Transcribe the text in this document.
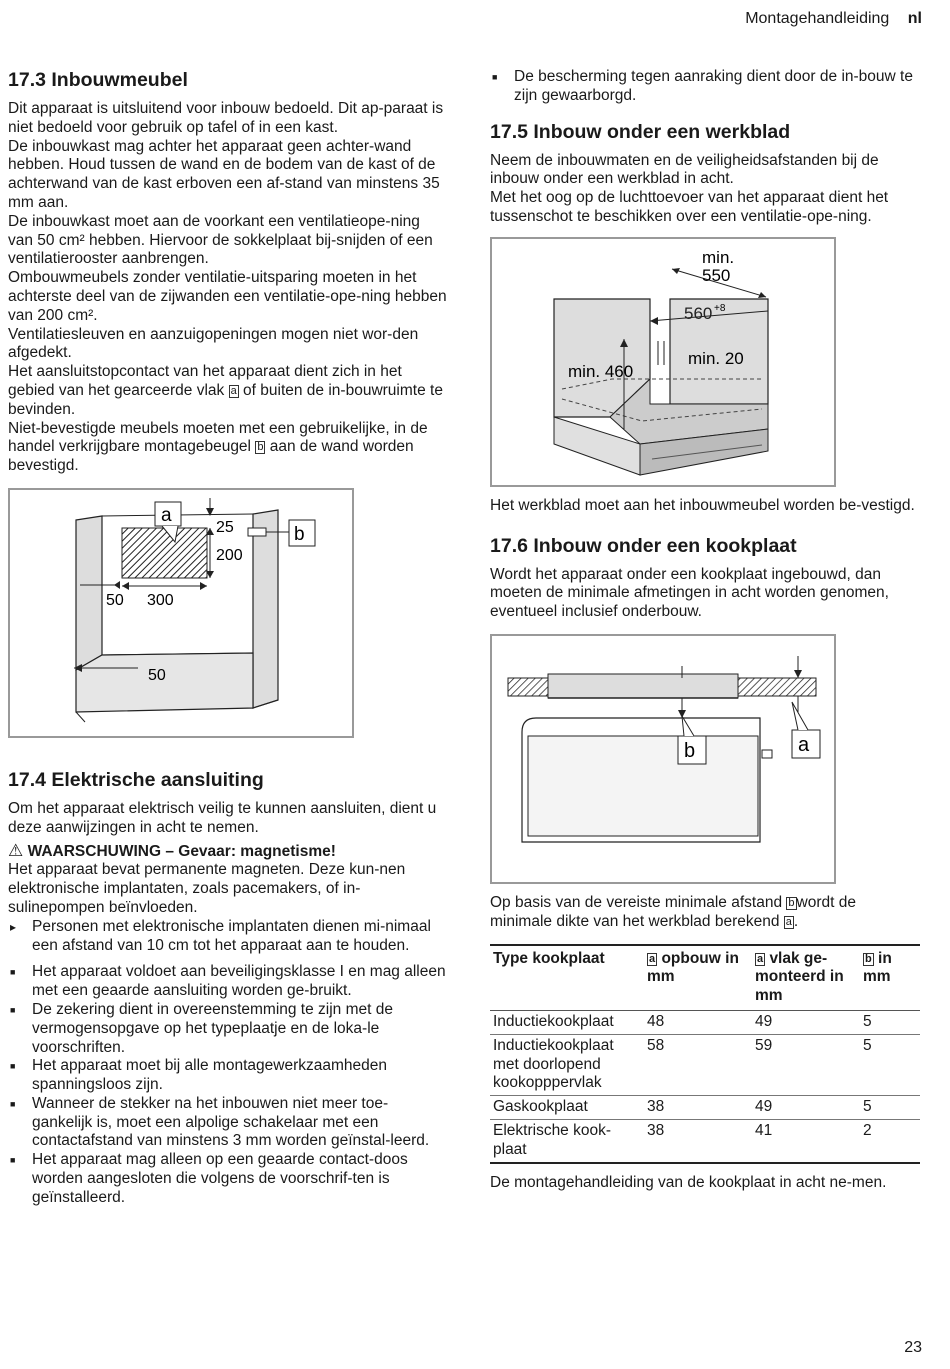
Montagehandleiding nl
17.3 Inbouwmeubel

Dit apparaat is uitsluitend voor inbouw bedoeld. Dit ap-paraat is niet bedoeld voor gebruik op tafel of in een kast.

De inbouwkast mag achter het apparaat geen achter-wand hebben. Houd tussen de wand en de bodem van de kast of de achterwand van de kast erboven een af-stand van minstens 35 mm aan.

De inbouwkast moet aan de voorkant een ventilatieope-ning van 50 cm² hebben. Hiervoor de sokkelplaat bij-snijden of een ventilatierooster aanbrengen.

Ombouwmeubels zonder ventilatie-uitsparing moeten in het achterste deel van de zijwanden een ventilatie-ope-ning hebben van 200 cm².

Ventilatiesleuven en aanzuigopeningen mogen niet wor-den afgedekt.

Het aansluitstopcontact van het apparaat dient zich in het gebied van het gearceerde vlak a of buiten de in-bouwruimte te bevinden.

Niet-bevestigde meubels moeten met een gebruikelijke, in de handel verkrijgbare montagebeugel b aan de wand worden bevestigd.

a
25
200
b
50 300
50
17.4 Elektrische aansluiting

Om het apparaat elektrisch veilig te kunnen aansluiten, dient u deze aanwijzingen in acht te nemen.

⚠ WAARSCHUWING – Gevaar: magnetisme!

Het apparaat bevat permanente magneten. Deze kun-nen elektronische implantaten, zoals pacemakers, of in-sulinepompen beïnvloeden.

▸ Personen met elektronische implantaten dienen mi-nimaal een afstand van 10 cm tot het apparaat aan te houden.
■ Het apparaat voldoet aan beveiligingsklasse I en mag alleen met een geaarde aansluiting worden ge-bruikt.
■ De zekering dient in overeenstemming te zijn met de vermogensopgave op het typeplaatje en de loka-le voorschriften.
■ Het apparaat moet bij alle montagewerkzaamheden spanningsloos zijn.
■ Wanneer de stekker na het inbouwen niet meer toe-gankelijk is, moet een alpolige schakelaar met een contactafstand van minstens 3 mm worden geïnstal-leerd.
■ Het apparaat mag alleen op een geaarde contact-doos worden aangesloten die volgens de voorschrif-ten is geïnstalleerd.
■ De bescherming tegen aanraking dient door de in-bouw te zijn gewaarborgd.
17.5 Inbouw onder een werkblad

Neem de inbouwmaten en de veiligheidsafstanden bij de inbouw onder een werkblad in acht.

Met het oog op de luchttoevoer van het apparaat dient het tussenschot te beschikken over een ventilatie-ope-ning.

min.
550
560 +8
min. 460
min. 20

Het werkblad moet aan het inbouwmeubel worden be-vestigd.

17.6 Inbouw onder een kookplaat

Wordt het apparaat onder een kookplaat ingebouwd, dan moeten de minimale afmetingen in acht worden genomen, eventueel inclusief onderbouw.

b	a

Op basis van de vereiste minimale afstand b wordt de minimale dikte van het werkblad berekend a .

Type kookplaat	a opbouw in mm	a vlak ge-monteerd in mm	b in mm
Inductiekookplaat	48	49	5
Inductiekookplaat met doorlopend kookopppervlak	58	59	5
Gaskookplaat	38	49	5
Elektrische kook-plaat	38	41	2

De montagehandleiding van de kookplaat in acht ne-men.

23
